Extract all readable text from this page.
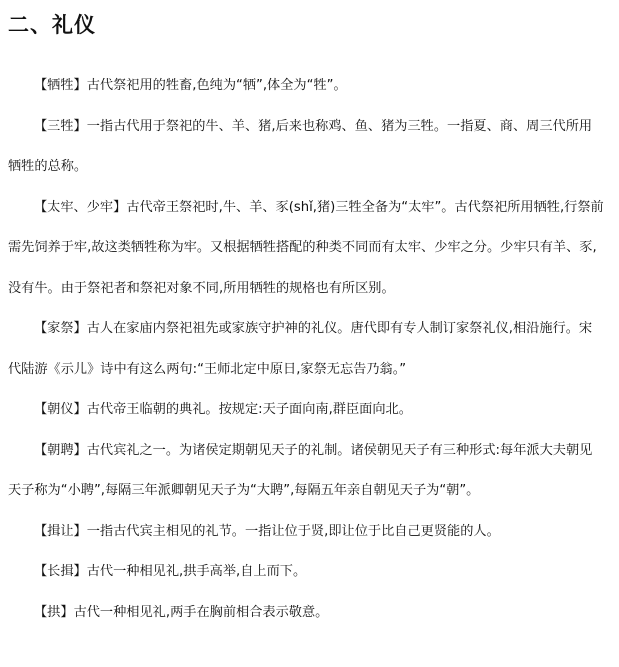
二、礼仪

【牺牲】古代祭祀用的牲畜,色纯为“牺”,体全为“牲”。

【三牲】一指古代用于祭祀的牛、羊、猪,后来也称鸡、鱼、猪为三牲。一指夏、商、周三代所用牺牲的总称。

【太牢、少牢】古代帝王祭祀时,牛、羊、豕(shǐ,猪)三牲全备为“太牢”。古代祭祀所用牺牲,行祭前需先饲养于牢,故这类牺牲称为牢。又根据牺牲搭配的种类不同而有太牢、少牢之分。少牢只有羊、豕,没有牛。由于祭祀者和祭祀对象不同,所用牺牲的规格也有所区别。

【家祭】古人在家庙内祭祀祖先或家族守护神的礼仪。唐代即有专人制订家祭礼仪,相沿施行。宋代陆游《示儿》诗中有这么两句:“王师北定中原日,家祭无忘告乃翁。”

【朝仪】古代帝王临朝的典礼。按规定:天子面向南,群臣面向北。

【朝聘】古代宾礼之一。为诸侯定期朝见天子的礼制。诸侯朝见天子有三种形式:每年派大夫朝见天子称为“小聘”,每隔三年派卿朝见天子为“大聘”,每隔五年亲自朝见天子为“朝”。

【揖让】一指古代宾主相见的礼节。一指让位于贤,即让位于比自己更贤能的人。

【长揖】古代一种相见礼,拱手高举,自上而下。

【拱】古代一种相见礼,两手在胸前相合表示敬意。
